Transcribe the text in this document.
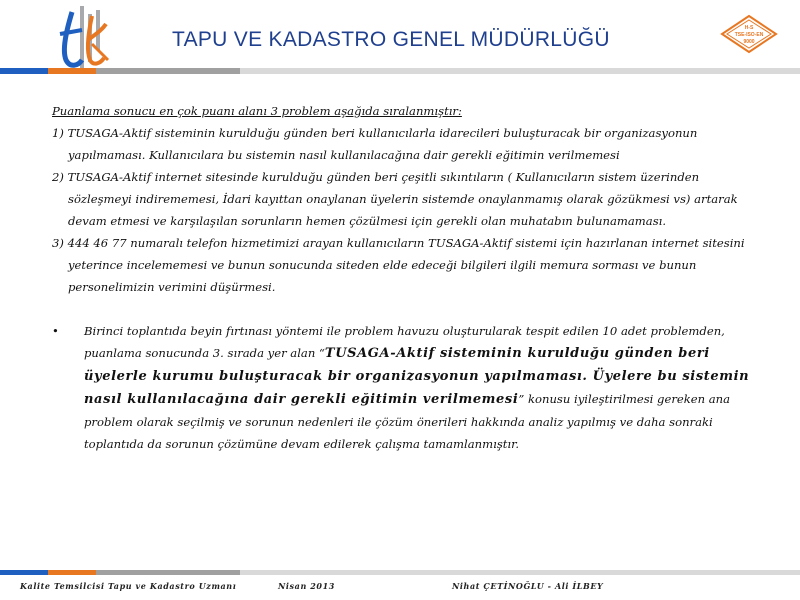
TAPU VE KADASTRO GENEL MÜDÜRLÜĞÜ	H-S
TSE-ISO-EN
9000

Puanlama sonucu en çok puanı alanı 3 problem aşağıda sıralanmıştır:

1) TUSAGA-Aktif sisteminin kurulduğu günden beri kullanıcılarla idarecileri buluşturacak bir organizasyonun yapılmaması. Kullanıcılara bu sistemin nasıl kullanılacağına dair gerekli eğitimin verilmemesi

2) TUSAGA-Aktif internet sitesinde kurulduğu günden beri çeşitli sıkıntıların ( Kullanıcıların sistem üzerinden sözleşmeyi indirememesi, İdari kayıttan onaylanan üyelerin sistemde onaylanmamış olarak gözükmesi vs) artarak devam etmesi ve karşılaşılan sorunların hemen çözülmesi için gerekli olan muhatabın bulunamaması.

3) 444 46 77 numaralı telefon hizmetimizi arayan kullanıcıların TUSAGA-Aktif sistemi için hazırlanan internet sitesini yeterince incelememesi ve bunun sonucunda siteden elde edeceği bilgileri ilgili memura sorması ve bunun personelimizin verimini düşürmesi.

• Birinci toplantıda beyin fırtınası yöntemi ile problem havuzu oluşturularak tespit edilen 10 adet problemden, puanlama sonucunda 3. sırada yer alan “TUSAGA-Aktif sisteminin kurulduğu günden beri üyelerle kurumu buluşturacak bir organizasyonun yapılmaması. Üyelere bu sistemin nasıl kullanılacağına dair gerekli eğitimin verilmemesi” konusu iyileştirilmesi gereken ana problem olarak seçilmiş ve sorunun nedenleri ile çözüm önerileri hakkında analiz yapılmış ve daha sonraki toplantıda da sorunun çözümüne devam edilerek çalışma tamamlanmıştır.
Kalite Temsilcisi Tapu ve Kadastro Uzmanı	Nisan 2013	Nihat ÇETİNOĞLU - Ali İLBEY
